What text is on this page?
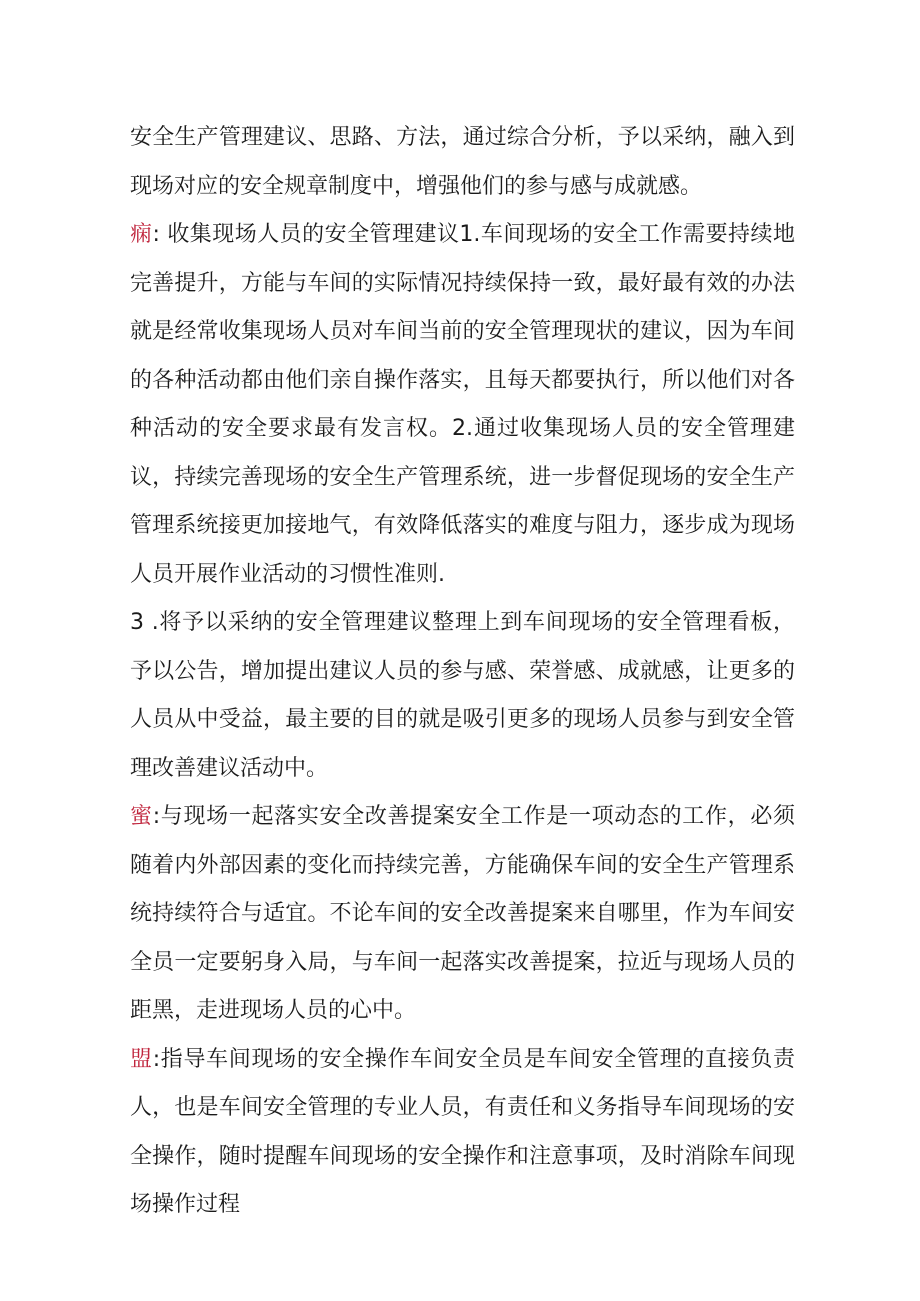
安全生产管理建议、思路、方法，通过综合分析，予以采纳，融入到现场对应的安全规章制度中，增强他们的参与感与成就感。

痫: 收集现场人员的安全管理建议1.车间现场的安全工作需要持续地完善提升，方能与车间的实际情况持续保持一致，最好最有效的办法就是经常收集现场人员对车间当前的安全管理现状的建议，因为车间的各种活动都由他们亲自操作落实，且每天都要执行，所以他们对各种活动的安全要求最有发言权。2.通过收集现场人员的安全管理建议，持续完善现场的安全生产管理系统，进一步督促现场的安全生产管理系统接更加接地气，有效降低落实的难度与阻力，逐步成为现场人员开展作业活动的习惯性准则.

3 .将予以采纳的安全管理建议整理上到车间现场的安全管理看板，予以公告，增加提出建议人员的参与感、荣誉感、成就感，让更多的人员从中受益，最主要的目的就是吸引更多的现场人员参与到安全管理改善建议活动中。

蜜:与现场一起落实安全改善提案安全工作是一项动态的工作，必须随着内外部因素的变化而持续完善，方能确保车间的安全生产管理系统持续符合与适宜。不论车间的安全改善提案来自哪里，作为车间安全员一定要躬身入局，与车间一起落实改善提案，拉近与现场人员的距黑，走进现场人员的心中。

盟:指导车间现场的安全操作车间安全员是车间安全管理的直接负责人，也是车间安全管理的专业人员，有责任和义务指导车间现场的安全操作，随时提醒车间现场的安全操作和注意事项，及时消除车间现场操作过程
